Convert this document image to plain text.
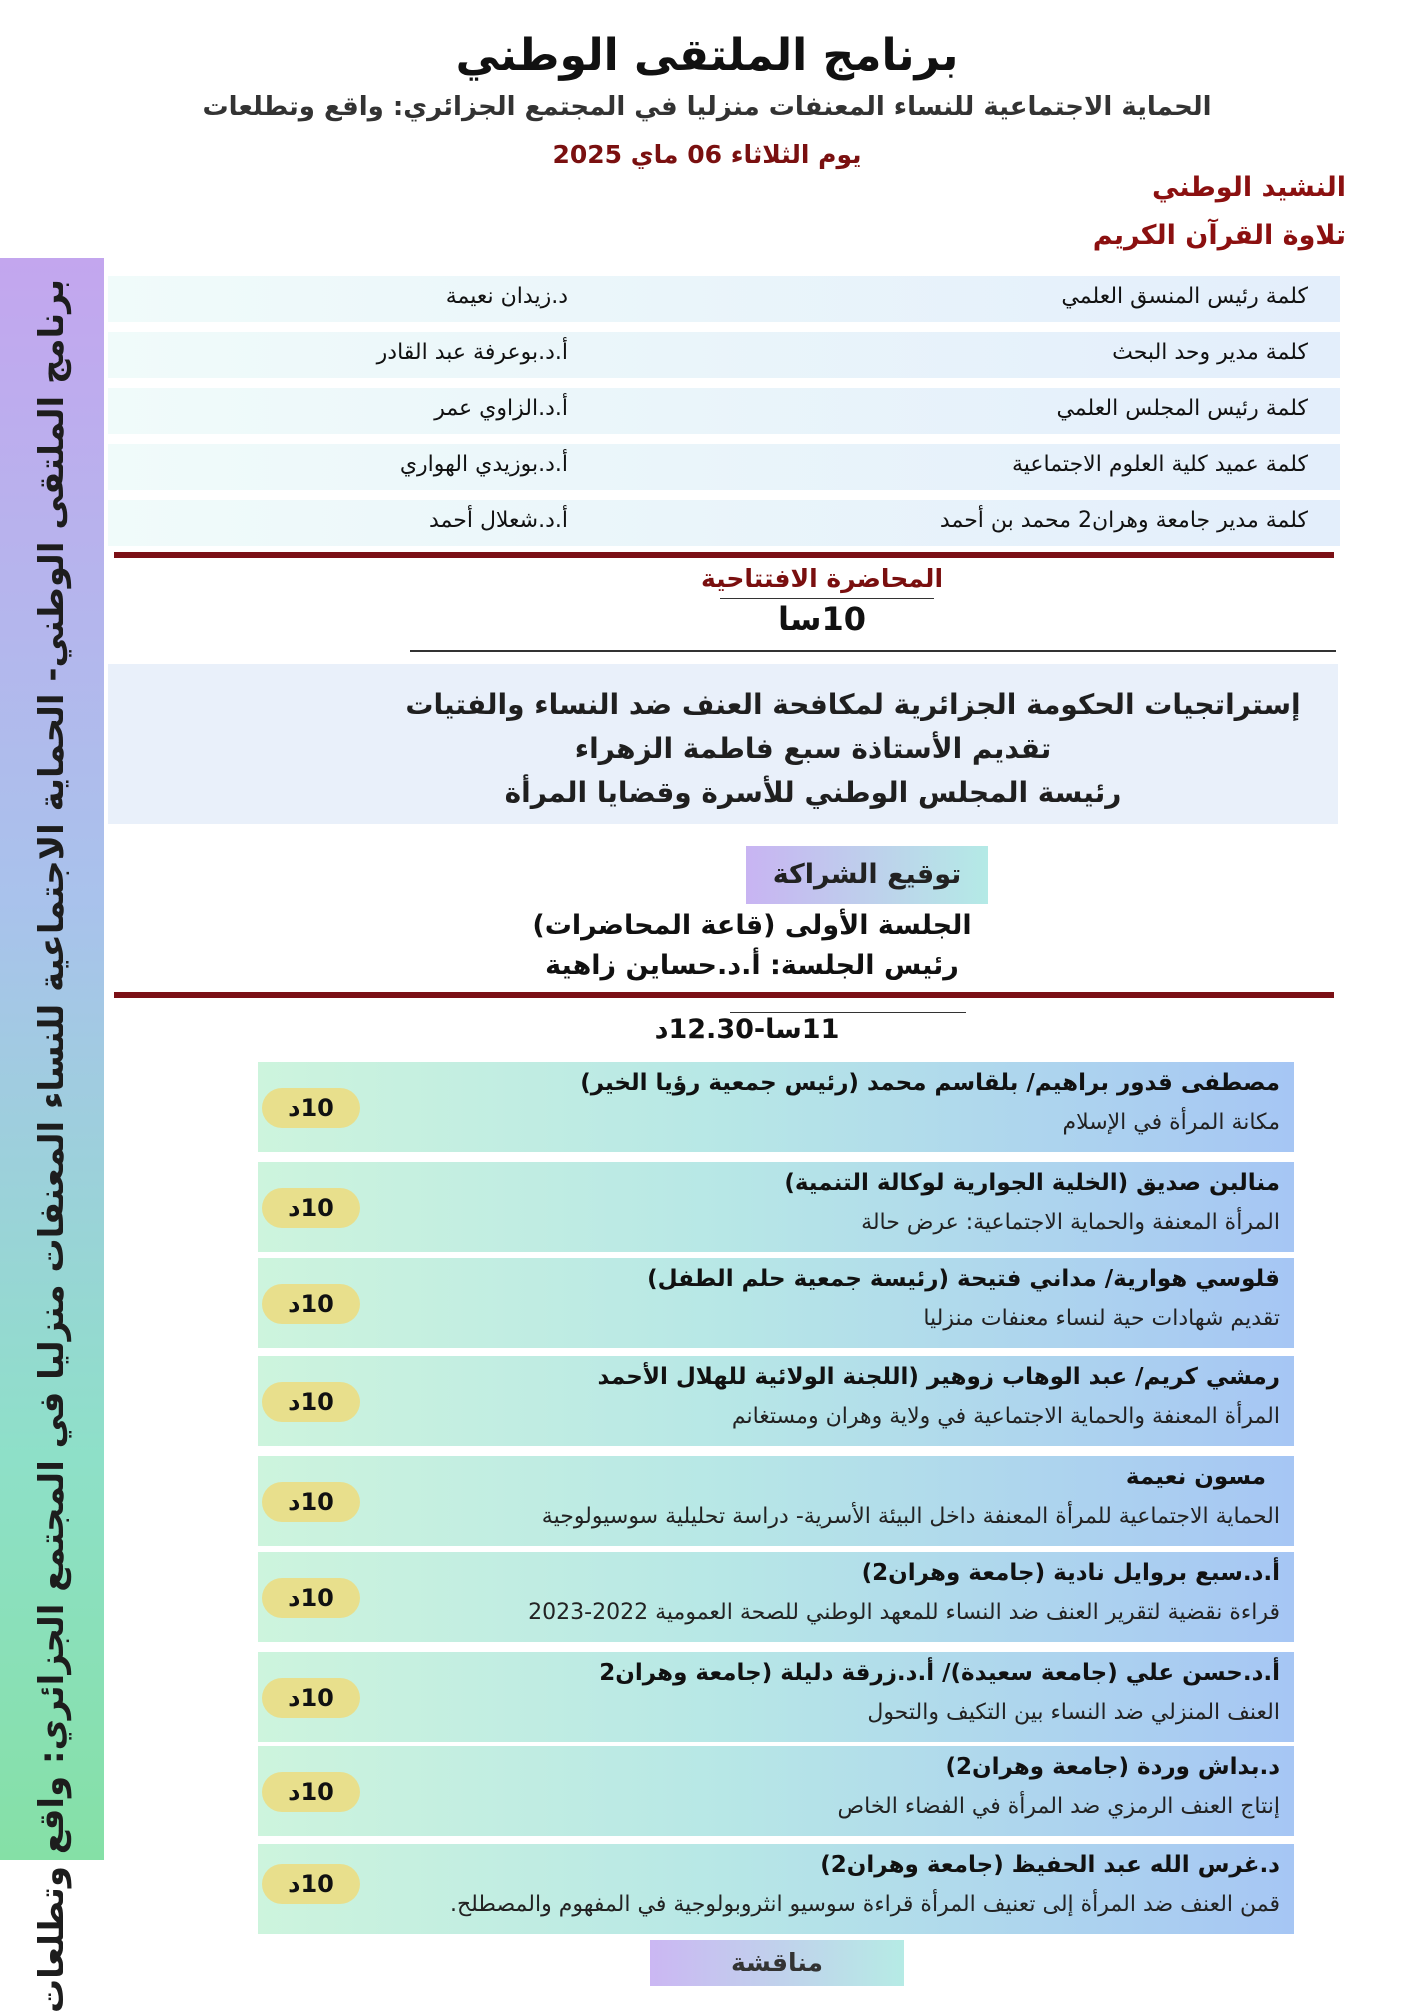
برنامج الملتقى الوطني
الحماية الاجتماعية للنساء المعنفات منزليا في المجتمع الجزائري: واقع وتطلعات
يوم الثلاثاء 06 ماي 2025
النشيد الوطني
تلاوة القرآن الكريم
برنامج الملتقى الوطني- الحماية الاجتماعية للنساء المعنفات منزليا في المجتمع الجزائري: واقع وتطلعات	كلمة رئيس المنسق العلمي
د.زيدان نعيمة
كلمة مدير وحد البحث
أ.د.بوعرفة عبد القادر
كلمة رئيس المجلس العلمي
أ.د.الزاوي عمر
كلمة عميد كلية العلوم الاجتماعية
أ.د.بوزيدي الهواري
كلمة مدير جامعة وهران2 محمد بن أحمد
أ.د.شعلال أحمد
المحاضرة الافتتاحية
10سا
إستراتجيات الحكومة الجزائرية لمكافحة العنف ضد النساء والفتيات
تقديم الأستاذة سبع فاطمة الزهراء
رئيسة المجلس الوطني للأسرة وقضايا المرأة
توقيع الشراكة
الجلسة الأولى (قاعة المحاضرات)
رئيس الجلسة: أ.د.حساين زاهية
11سا-12.30د
10د
مصطفى قدور براهيم/ بلقاسم محمد (رئيس جمعية رؤيا الخير)
مكانة المرأة في الإسلام
10د
منالبن صديق (الخلية الجوارية لوكالة التنمية)
المرأة المعنفة والحماية الاجتماعية: عرض حالة
10د
قلوسي هوارية/ مداني فتيحة (رئيسة جمعية حلم الطفل)
تقديم شهادات حية لنساء معنفات منزليا
10د
رمشي كريم/ عبد الوهاب زوهير (اللجنة الولائية للهلال الأحمد
المرأة المعنفة والحماية الاجتماعية في ولاية وهران ومستغانم
10د
مسون نعيمة
الحماية الاجتماعية للمرأة المعنفة داخل البيئة الأسرية- دراسة تحليلية سوسيولوجية
10د
أ.د.سبع بروايل نادية (جامعة وهران2)
قراءة نقضية لتقرير العنف ضد النساء للمعهد الوطني للصحة العمومية 2022-2023
10د
أ.د.حسن علي (جامعة سعيدة)/ أ.د.زرقة دليلة (جامعة وهران2
العنف المنزلي ضد النساء بين التكيف والتحول
10د
د.بداش وردة (جامعة وهران2)
إنتاج العنف الرمزي ضد المرأة في الفضاء الخاص
10د
د.غرس الله عبد الحفيظ (جامعة وهران2)
قمن العنف ضد المرأة إلى تعنيف المرأة قراءة سوسيو انثروبولوجية في المفهوم والمصطلح.
مناقشة
